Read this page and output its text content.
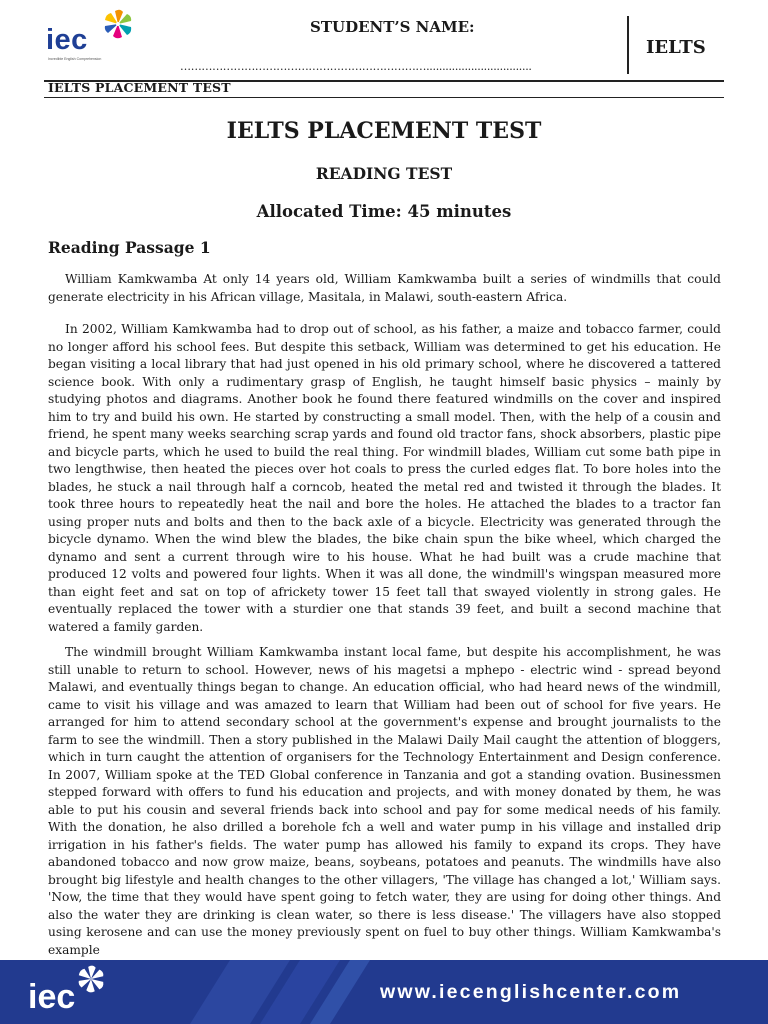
iec
Incredible English Comprehension
STUDENT’S NAME:
…………………………………………………………….................................
IELTS
IELTS PLACEMENT TEST
IELTS PLACEMENT TEST
READING TEST
Allocated Time: 45 minutes
Reading Passage 1

William Kamkwamba At only 14 years old, William Kamkwamba built a series of windmills that could generate electricity in his African village, Masitala, in Malawi, south-eastern Africa.

In 2002, William Kamkwamba had to drop out of school, as his father, a maize and tobacco farmer, could no longer afford his school fees. But despite this setback, William was determined to get his education. He began visiting a local library that had just opened in his old primary school, where he discovered a tattered science book. With only a rudimentary grasp of English, he taught himself basic physics – mainly by studying photos and diagrams. Another book he found there featured windmills on the cover and inspired him to try and build his own. He started by constructing a small model. Then, with the help of a cousin and friend, he spent many weeks searching scrap yards and found old tractor fans, shock absorbers, plastic pipe and bicycle parts, which he used to build the real thing. For windmill blades, William cut some bath pipe in two lengthwise, then heated the pieces over hot coals to press the curled edges flat. To bore holes into the blades, he stuck a nail through half a corncob, heated the metal red and twisted it through the blades. It took three hours to repeatedly heat the nail and bore the holes. He attached the blades to a tractor fan using proper nuts and bolts and then to the back axle of a bicycle. Electricity was generated through the bicycle dynamo. When the wind blew the blades, the bike chain spun the bike wheel, which charged the dynamo and sent a current through wire to his house. What he had built was a crude machine that produced 12 volts and powered four lights. When it was all done, the windmill's wingspan measured more than eight feet and sat on top of africkety tower 15 feet tall that swayed violently in strong gales. He eventually replaced the tower with a sturdier one that stands 39 feet, and built a second machine that watered a family garden.

The windmill brought William Kamkwamba instant local fame, but despite his accomplishment, he was still unable to return to school. However, news of his magetsi a mphepo - electric wind - spread beyond Malawi, and eventually things began to change. An education official, who had heard news of the windmill, came to visit his village and was amazed to learn that William had been out of school for five years. He arranged for him to attend secondary school at the government's expense and brought journalists to the farm to see the windmill. Then a story published in the Malawi Daily Mail caught the attention of bloggers, which in turn caught the attention of organisers for the Technology Entertainment and Design conference. In 2007, William spoke at the TED Global conference in Tanzania and got a standing ovation. Businessmen stepped forward with offers to fund his education and projects, and with money donated by them, he was able to put his cousin and several friends back into school and pay for some medical needs of his family. With the donation, he also drilled a borehole fch a well and water pump in his village and installed drip irrigation in his father's fields. The water pump has allowed his family to expand its crops. They have abandoned tobacco and now grow maize, beans, soybeans, potatoes and peanuts. The windmills have also brought big lifestyle and health changes to the other villagers, 'The village has changed a lot,' William says. 'Now, the time that they would have spent going to fetch water, they are using for doing other things. And also the water they are drinking is clean water, so there is less disease.' The villagers have also stopped using kerosene and can use the money previously spent on fuel to buy other things. William Kamkwamba's example

iec	www.iecenglishcenter.com
